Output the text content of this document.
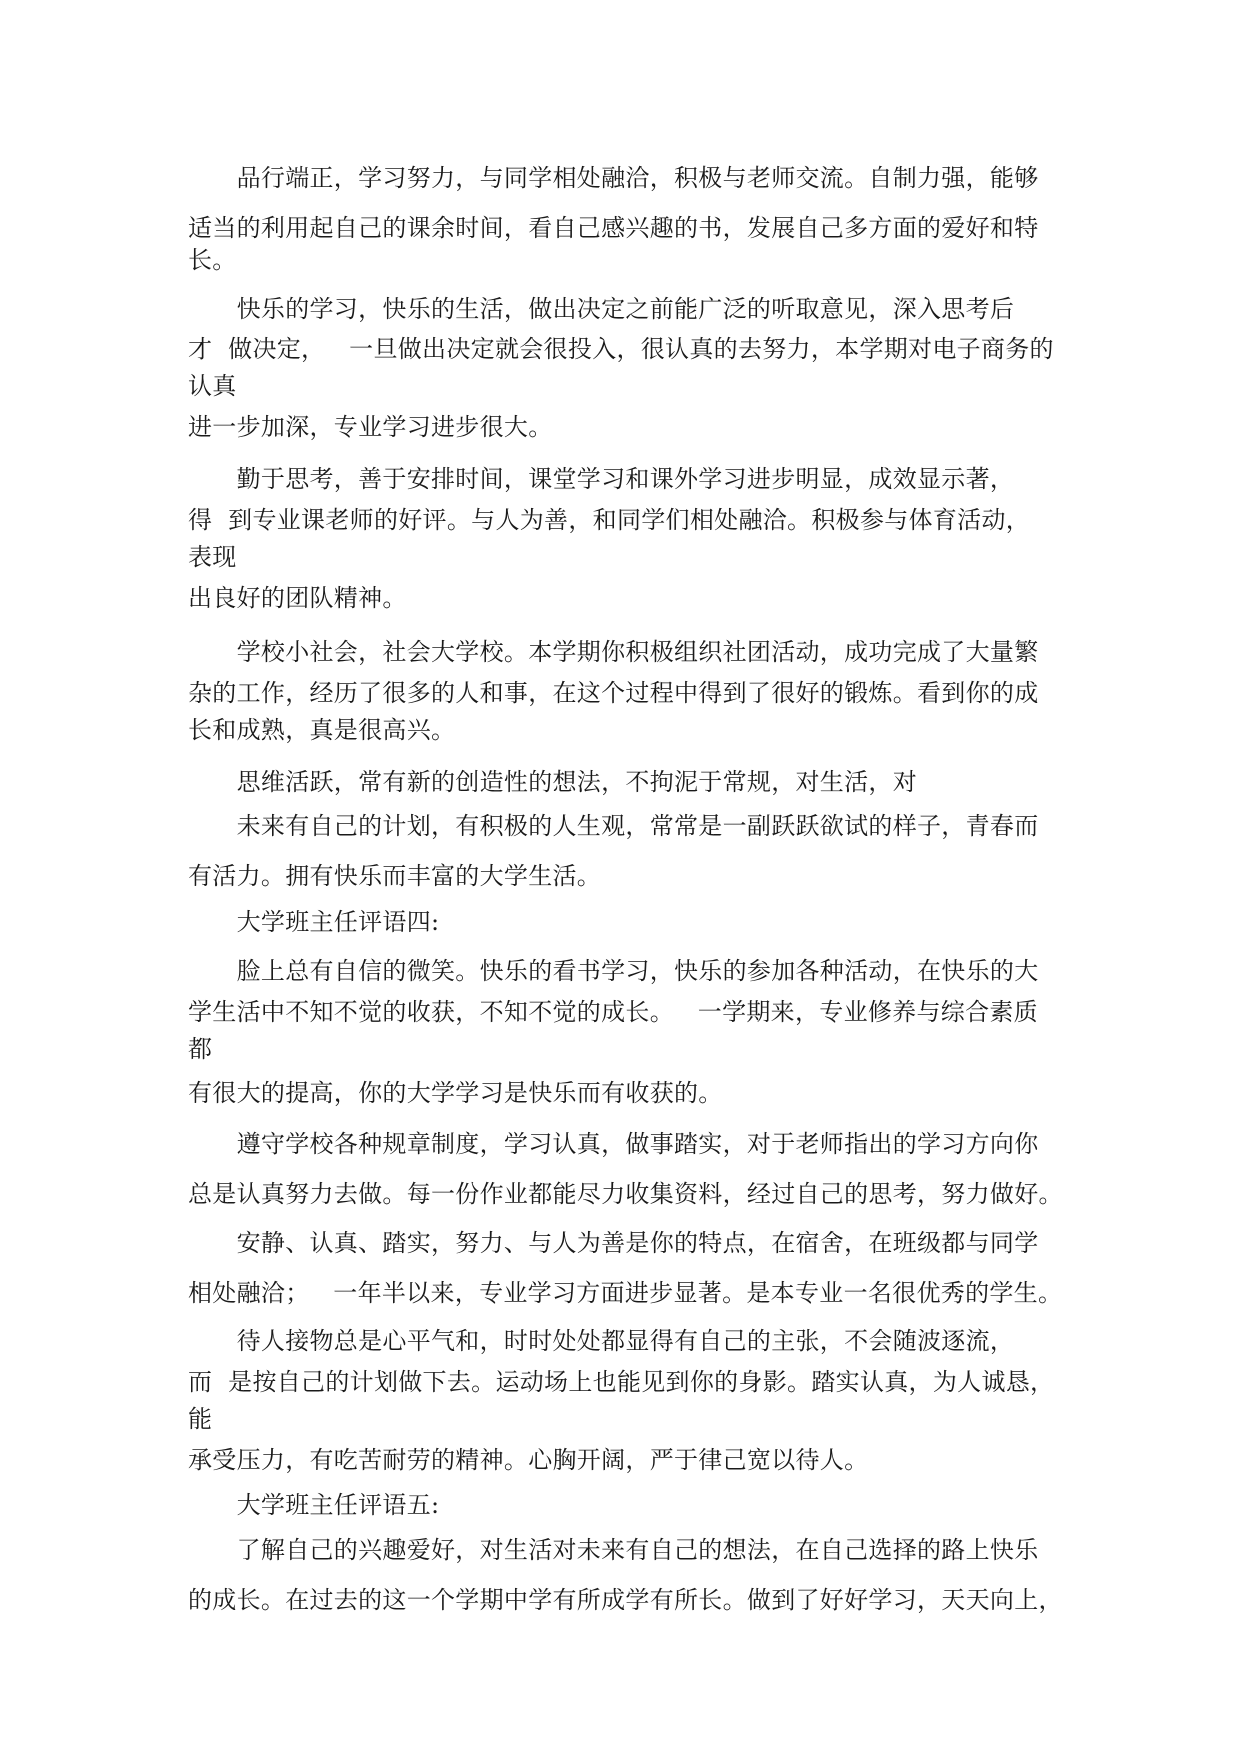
　　品行端正，学习努力，与同学相处融洽，积极与老师交流。自制力强，能够
适当的利用起自己的课余时间，看自己感兴趣的书，发展自己多方面的爱好和特
长。
　　快乐的学习，快乐的生活，做出决定之前能广泛的听取意见，深入思考后
才  做决定，   一旦做出决定就会很投入，很认真的去努力，本学期对电子商务的
认真
进一步加深，专业学习进步很大。
　　勤于思考，善于安排时间，课堂学习和课外学习进步明显，成效显示著，
得  到专业课老师的好评。与人为善，和同学们相处融洽。积极参与体育活动，
表现
出良好的团队精神。
　　学校小社会，社会大学校。本学期你积极组织社团活动，成功完成了大量繁
杂的工作，经历了很多的人和事，在这个过程中得到了很好的锻炼。看到你的成
长和成熟，真是很高兴。
　　思维活跃，常有新的创造性的想法，不拘泥于常规，对生活，对
　　未来有自己的计划，有积极的人生观，常常是一副跃跃欲试的样子，青春而
有活力。拥有快乐而丰富的大学生活。
　　大学班主任评语四:
　　脸上总有自信的微笑。快乐的看书学习，快乐的参加各种活动，在快乐的大
学生活中不知不觉的收获，不知不觉的成长。   一学期来，专业修养与综合素质
都
有很大的提高，你的大学学习是快乐而有收获的。
　　遵守学校各种规章制度，学习认真，做事踏实，对于老师指出的学习方向你
总是认真努力去做。每一份作业都能尽力收集资料，经过自己的思考，努力做好。
　　安静、认真、踏实，努力、与人为善是你的特点，在宿舍，在班级都与同学
相处融洽；   一年半以来，专业学习方面进步显著。是本专业一名很优秀的学生。
　　待人接物总是心平气和，时时处处都显得有自己的主张，不会随波逐流，
而  是按自己的计划做下去。运动场上也能见到你的身影。踏实认真，为人诚恳，
能
承受压力，有吃苦耐劳的精神。心胸开阔，严于律己宽以待人。
　　大学班主任评语五:
　　了解自己的兴趣爱好，对生活对未来有自己的想法，在自己选择的路上快乐
的成长。在过去的这一个学期中学有所成学有所长。做到了好好学习，天天向上，
